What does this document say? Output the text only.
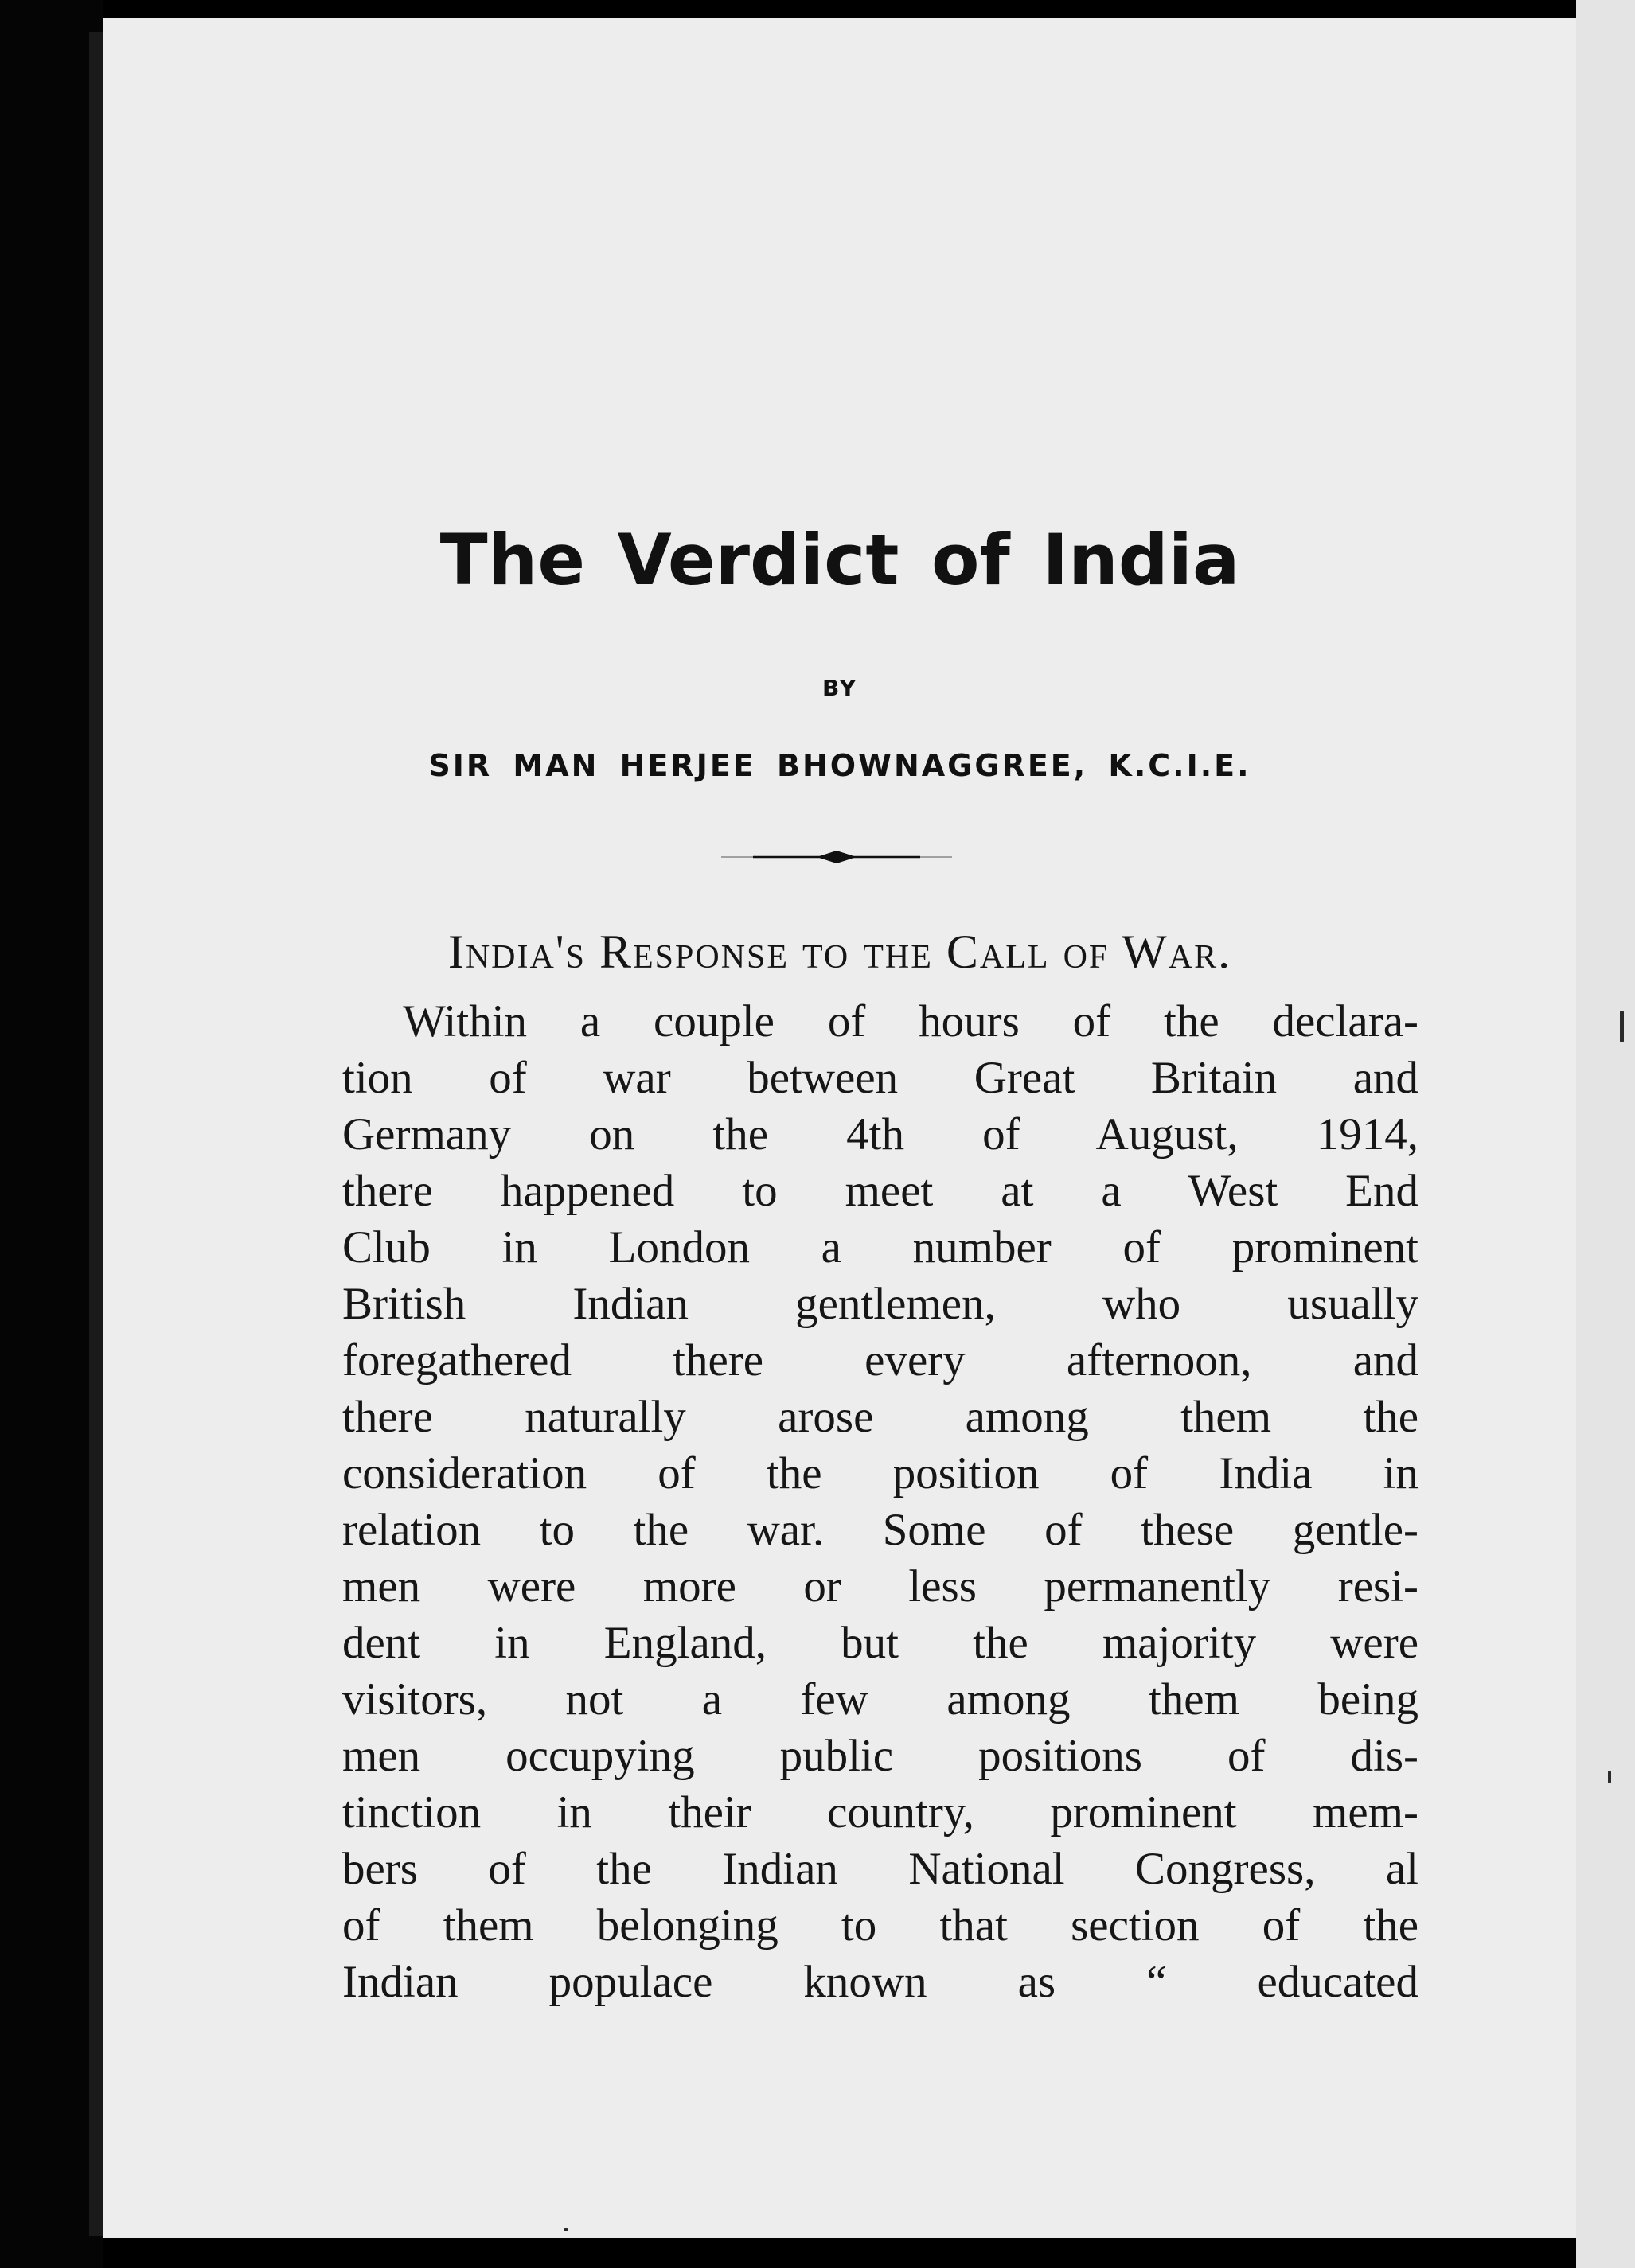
The Verdict of India
BY
SIR MAN HERJEE BHOWNAGGREE, K.C.I.E.
India's Response to the Call of War.
Within a couple of hours of the declara-
tion of war between Great Britain and
Germany on the 4th of August, 1914,
there happened to meet at a West End
Club in London a number of prominent
British Indian gentlemen, who usually
foregathered there every afternoon, and
there naturally arose among them the
consideration of the position of India in
relation to the war. Some of these gentle-
men were more or less permanently resi-
dent in England, but the majority were
visitors, not a few among them being
men occupying public positions of dis-
tinction in their country, prominent mem-
bers of the Indian National Congress, al
of them belonging to that section of the
Indian populace known as “ educated
